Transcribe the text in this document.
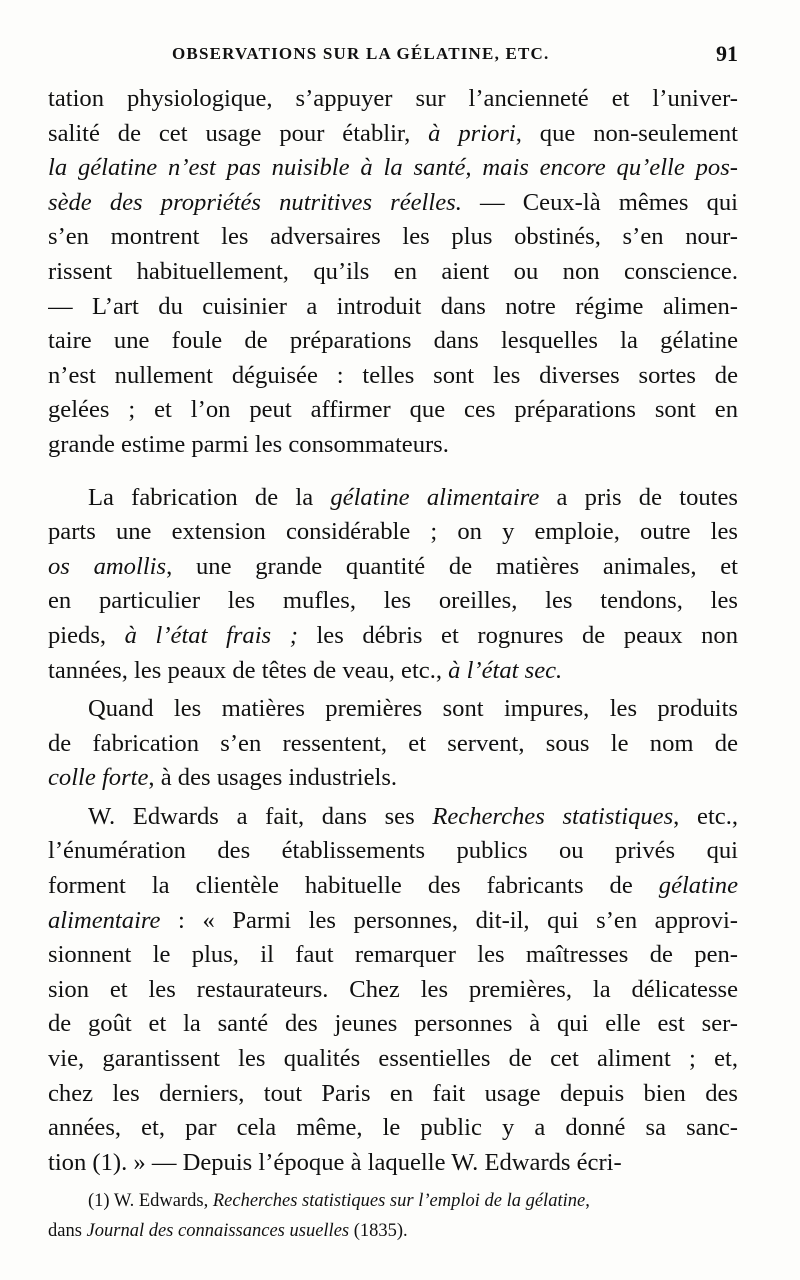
OBSERVATIONS SUR LA GÉLATINE, ETC.	91
tation physiologique, s’appuyer sur l’ancienneté et l’univer-
salité de cet usage pour établir, à priori, que non-seulement
la gélatine n’est pas nuisible à la santé, mais encore qu’elle pos-
sède des propriétés nutritives réelles. — Ceux-là mêmes qui
s’en montrent les adversaires les plus obstinés, s’en nour-
rissent habituellement, qu’ils en aient ou non conscience.
— L’art du cuisinier a introduit dans notre régime alimen-
taire une foule de préparations dans lesquelles la gélatine
n’est nullement déguisée : telles sont les diverses sortes de
gelées ; et l’on peut affirmer que ces préparations sont en
grande estime parmi les consommateurs.
La fabrication de la gélatine alimentaire a pris de toutes
parts une extension considérable ; on y emploie, outre les
os amollis, une grande quantité de matières animales, et
en particulier les mufles, les oreilles, les tendons, les
pieds, à l’état frais ; les débris et rognures de peaux non
tannées, les peaux de têtes de veau, etc., à l’état sec.
Quand les matières premières sont impures, les produits
de fabrication s’en ressentent, et servent, sous le nom de
colle forte, à des usages industriels.
W. Edwards a fait, dans ses Recherches statistiques, etc.,
l’énumération des établissements publics ou privés qui
forment la clientèle habituelle des fabricants de gélatine
alimentaire : « Parmi les personnes, dit-il, qui s’en approvi-
sionnent le plus, il faut remarquer les maîtresses de pen-
sion et les restaurateurs. Chez les premières, la délicatesse
de goût et la santé des jeunes personnes à qui elle est ser-
vie, garantissent les qualités essentielles de cet aliment ; et,
chez les derniers, tout Paris en fait usage depuis bien des
années, et, par cela même, le public y a donné sa sanc-
tion (1). » — Depuis l’époque à laquelle W. Edwards écri-
(1) W. Edwards, Recherches statistiques sur l’emploi de la gélatine,
dans Journal des connaissances usuelles (1835).
